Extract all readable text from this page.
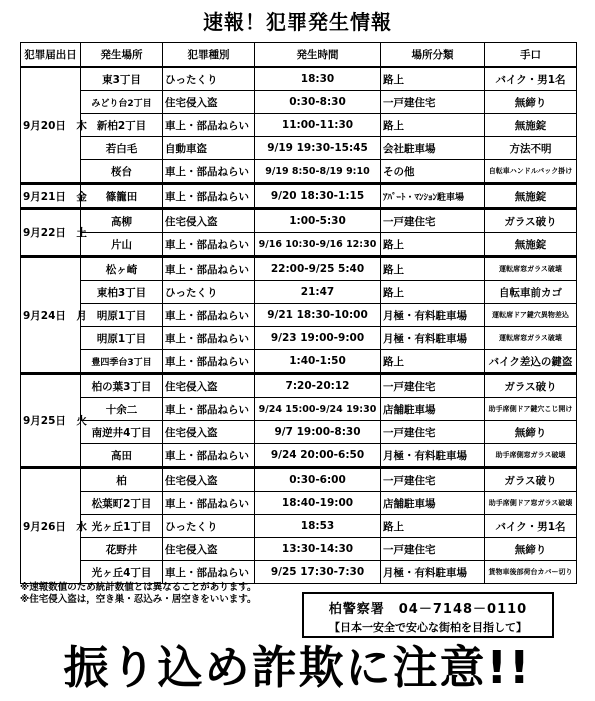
速報！犯罪発生情報
犯罪届出日	発生場所	犯罪種別	発生時間	場所分類	手口
9月20日　木	東3丁目	ひったくり	18:30	路上	バイク・男1名
	みどり台2丁目	住宅侵入盗	0:30-8:30	一戸建住宅	無締り
	新柏2丁目	車上・部品ねらい	11:00-11:30	路上	無施錠
	若白毛	自動車盗	9/19 19:30-15:45	会社駐車場	方法不明
	桜台	車上・部品ねらい	9/19 8:50-8/19 9:10	その他	自転車ハンドルバック掛け
9月21日　金	篠籠田	車上・部品ねらい	9/20 18:30-1:15	ｱﾊﾟｰﾄ・ﾏﾝｼｮﾝ駐車場	無施錠
9月22日　土	高柳	住宅侵入盗	1:00-5:30	一戸建住宅	ガラス破り
	片山	車上・部品ねらい	9/16 10:30-9/16 12:30	路上	無施錠
9月24日　月	松ヶ崎	車上・部品ねらい	22:00-9/25 5:40	路上	運転席窓ガラス破壊
	東柏3丁目	ひったくり	21:47	路上	自転車前カゴ
	明原1丁目	車上・部品ねらい	9/21 18:30-10:00	月極・有料駐車場	運転席ドア鍵穴異物差込
	明原1丁目	車上・部品ねらい	9/23 19:00-9:00	月極・有料駐車場	運転席窓ガラス破壊
	豊四季台3丁目	車上・部品ねらい	1:40-1:50	路上	バイク差込の鍵盗
9月25日　火	柏の葉3丁目	住宅侵入盗	7:20-20:12	一戸建住宅	ガラス破り
	十余二	車上・部品ねらい	9/24 15:00-9/24 19:30	店舗駐車場	助手席側ドア鍵穴こじ開け
	南逆井4丁目	住宅侵入盗	9/7 19:00-8:30	一戸建住宅	無締り
	高田	車上・部品ねらい	9/24 20:00-6:50	月極・有料駐車場	助手席側窓ガラス破壊
9月26日　水	柏	住宅侵入盗	0:30-6:00	一戸建住宅	ガラス破り
	松葉町2丁目	車上・部品ねらい	18:40-19:00	店舗駐車場	助手席側ドア窓ガラス破壊
	光ヶ丘1丁目	ひったくり	18:53	路上	バイク・男1名
	花野井	住宅侵入盗	13:30-14:30	一戸建住宅	無締り
	光ヶ丘4丁目	車上・部品ねらい	9/25 17:30-7:30	月極・有料駐車場	貨物車後部荷台カバー切り
※速報数値のため統計数値とは異なることがあります。
※住宅侵入盗は，空き巣・忍込み・居空きをいいます。
柏警察署　04－7148－0110
【日本一安全で安心な街柏を目指して】
振り込め詐欺に注意!!
